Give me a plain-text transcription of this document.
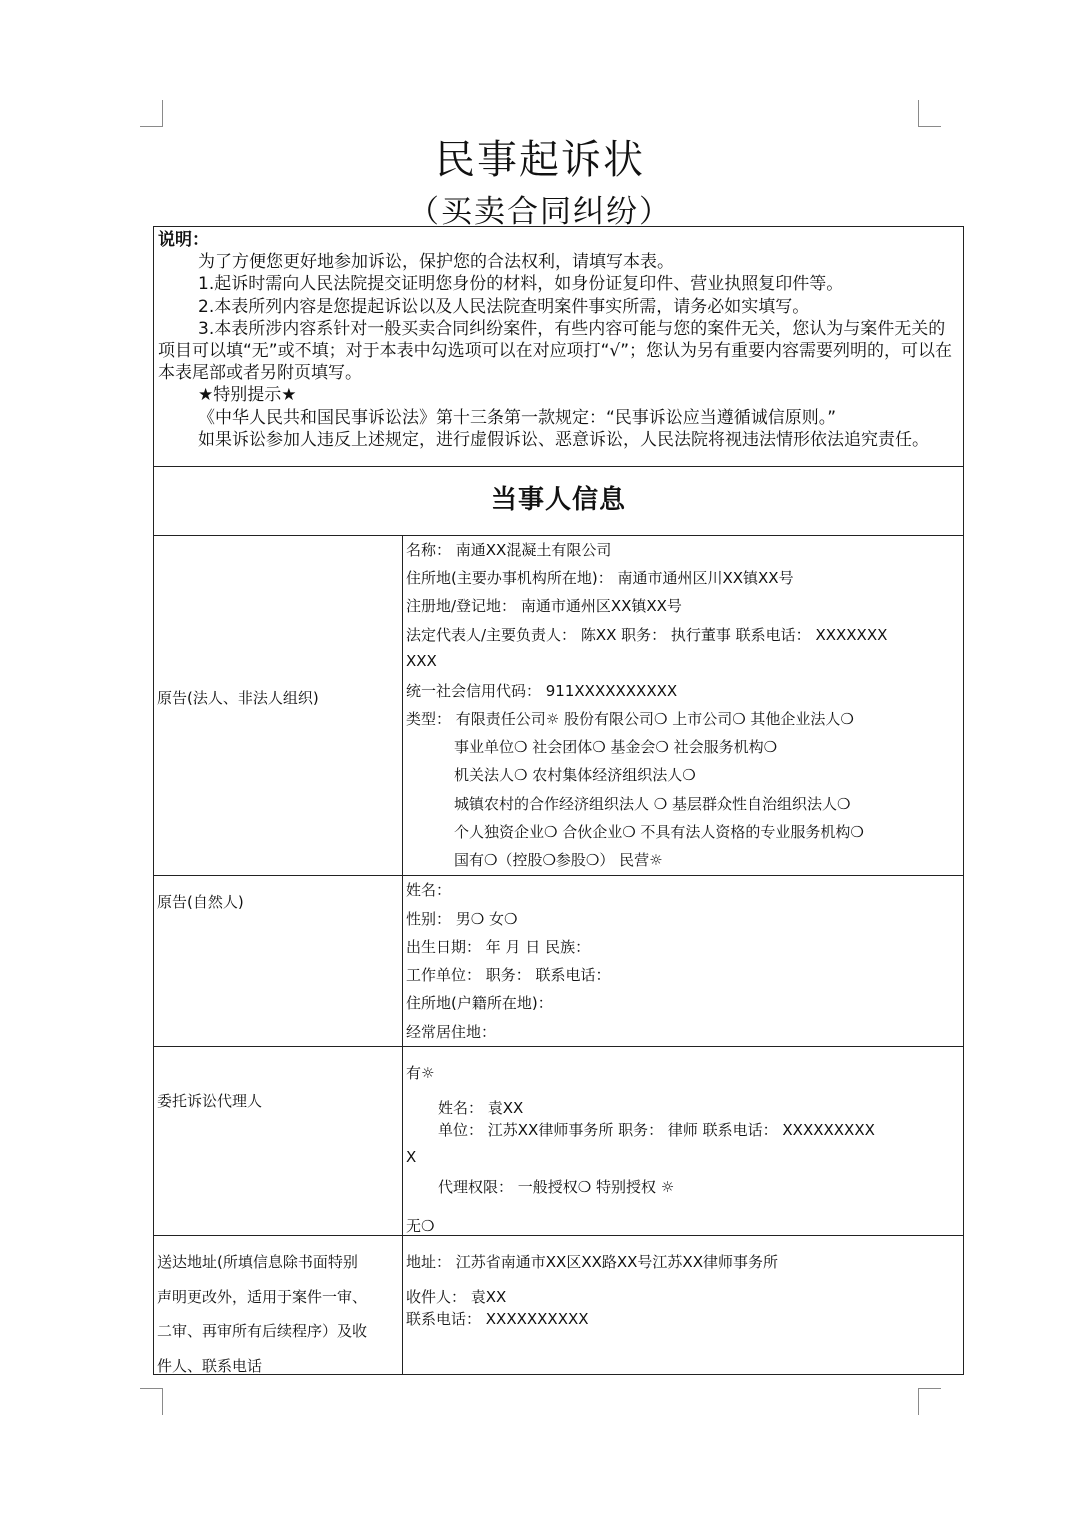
民事起诉状
（买卖合同纠纷）

说明：

为了方便您更好地参加诉讼，保护您的合法权利，请填写本表。

1.起诉时需向人民法院提交证明您身份的材料，如身份证复印件、营业执照复印件等。

2.本表所列内容是您提起诉讼以及人民法院查明案件事实所需，请务必如实填写。

3.本表所涉内容系针对一般买卖合同纠纷案件，有些内容可能与您的案件无关，您认为与案件无关的项目可以填“无”或不填；对于本表中勾选项可以在对应项打“√”；您认为另有重要内容需要列明的，可以在本表尾部或者另附页填写。

★特别提示★

《中华人民共和国民事诉讼法》第十三条第一款规定：“民事诉讼应当遵循诚信原则。”

如果诉讼参加人违反上述规定，进行虚假诉讼、恶意诉讼，人民法院将视违法情形依法追究责任。

当事人信息
原告(法人、非法人组织)
名称： 南通XX混凝土有限公司
住所地(主要办事机构所在地)： 南通市通州区川XX镇XX号
注册地/登记地： 南通市通州区XX镇XX号
法定代表人/主要负责人： 陈XX 职务： 执行董事 联系电话： XXXXXXX
XXX
统一社会信用代码： 911XXXXXXXXXX
类型： 有限责任公司☼ 股份有限公司❍ 上市公司❍ 其他企业法人❍
事业单位❍ 社会团体❍ 基金会❍ 社会服务机构❍
机关法人❍ 农村集体经济组织法人❍
城镇农村的合作经济组织法人 ❍ 基层群众性自治组织法人❍
个人独资企业❍ 合伙企业❍ 不具有法人资格的专业服务机构❍
国有❍（控股❍参股❍） 民营☼
原告(自然人)
姓名：
性别： 男❍ 女❍
出生日期： 年 月 日 民族：
工作单位： 职务： 联系电话：
住所地(户籍所在地)：
经常居住地：
委托诉讼代理人
有☼
姓名： 袁XX
单位： 江苏XX律师事务所 职务： 律师 联系电话： XXXXXXXXX
X
代理权限： 一般授权❍ 特别授权 ☼
无❍
送达地址(所填信息除书面特别
声明更改外，适用于案件一审、
二审、再审所有后续程序）及收
件人、联系电话
地址： 江苏省南通市XX区XX路XX号江苏XX律师事务所
收件人： 袁XX
联系电话： XXXXXXXXXX
